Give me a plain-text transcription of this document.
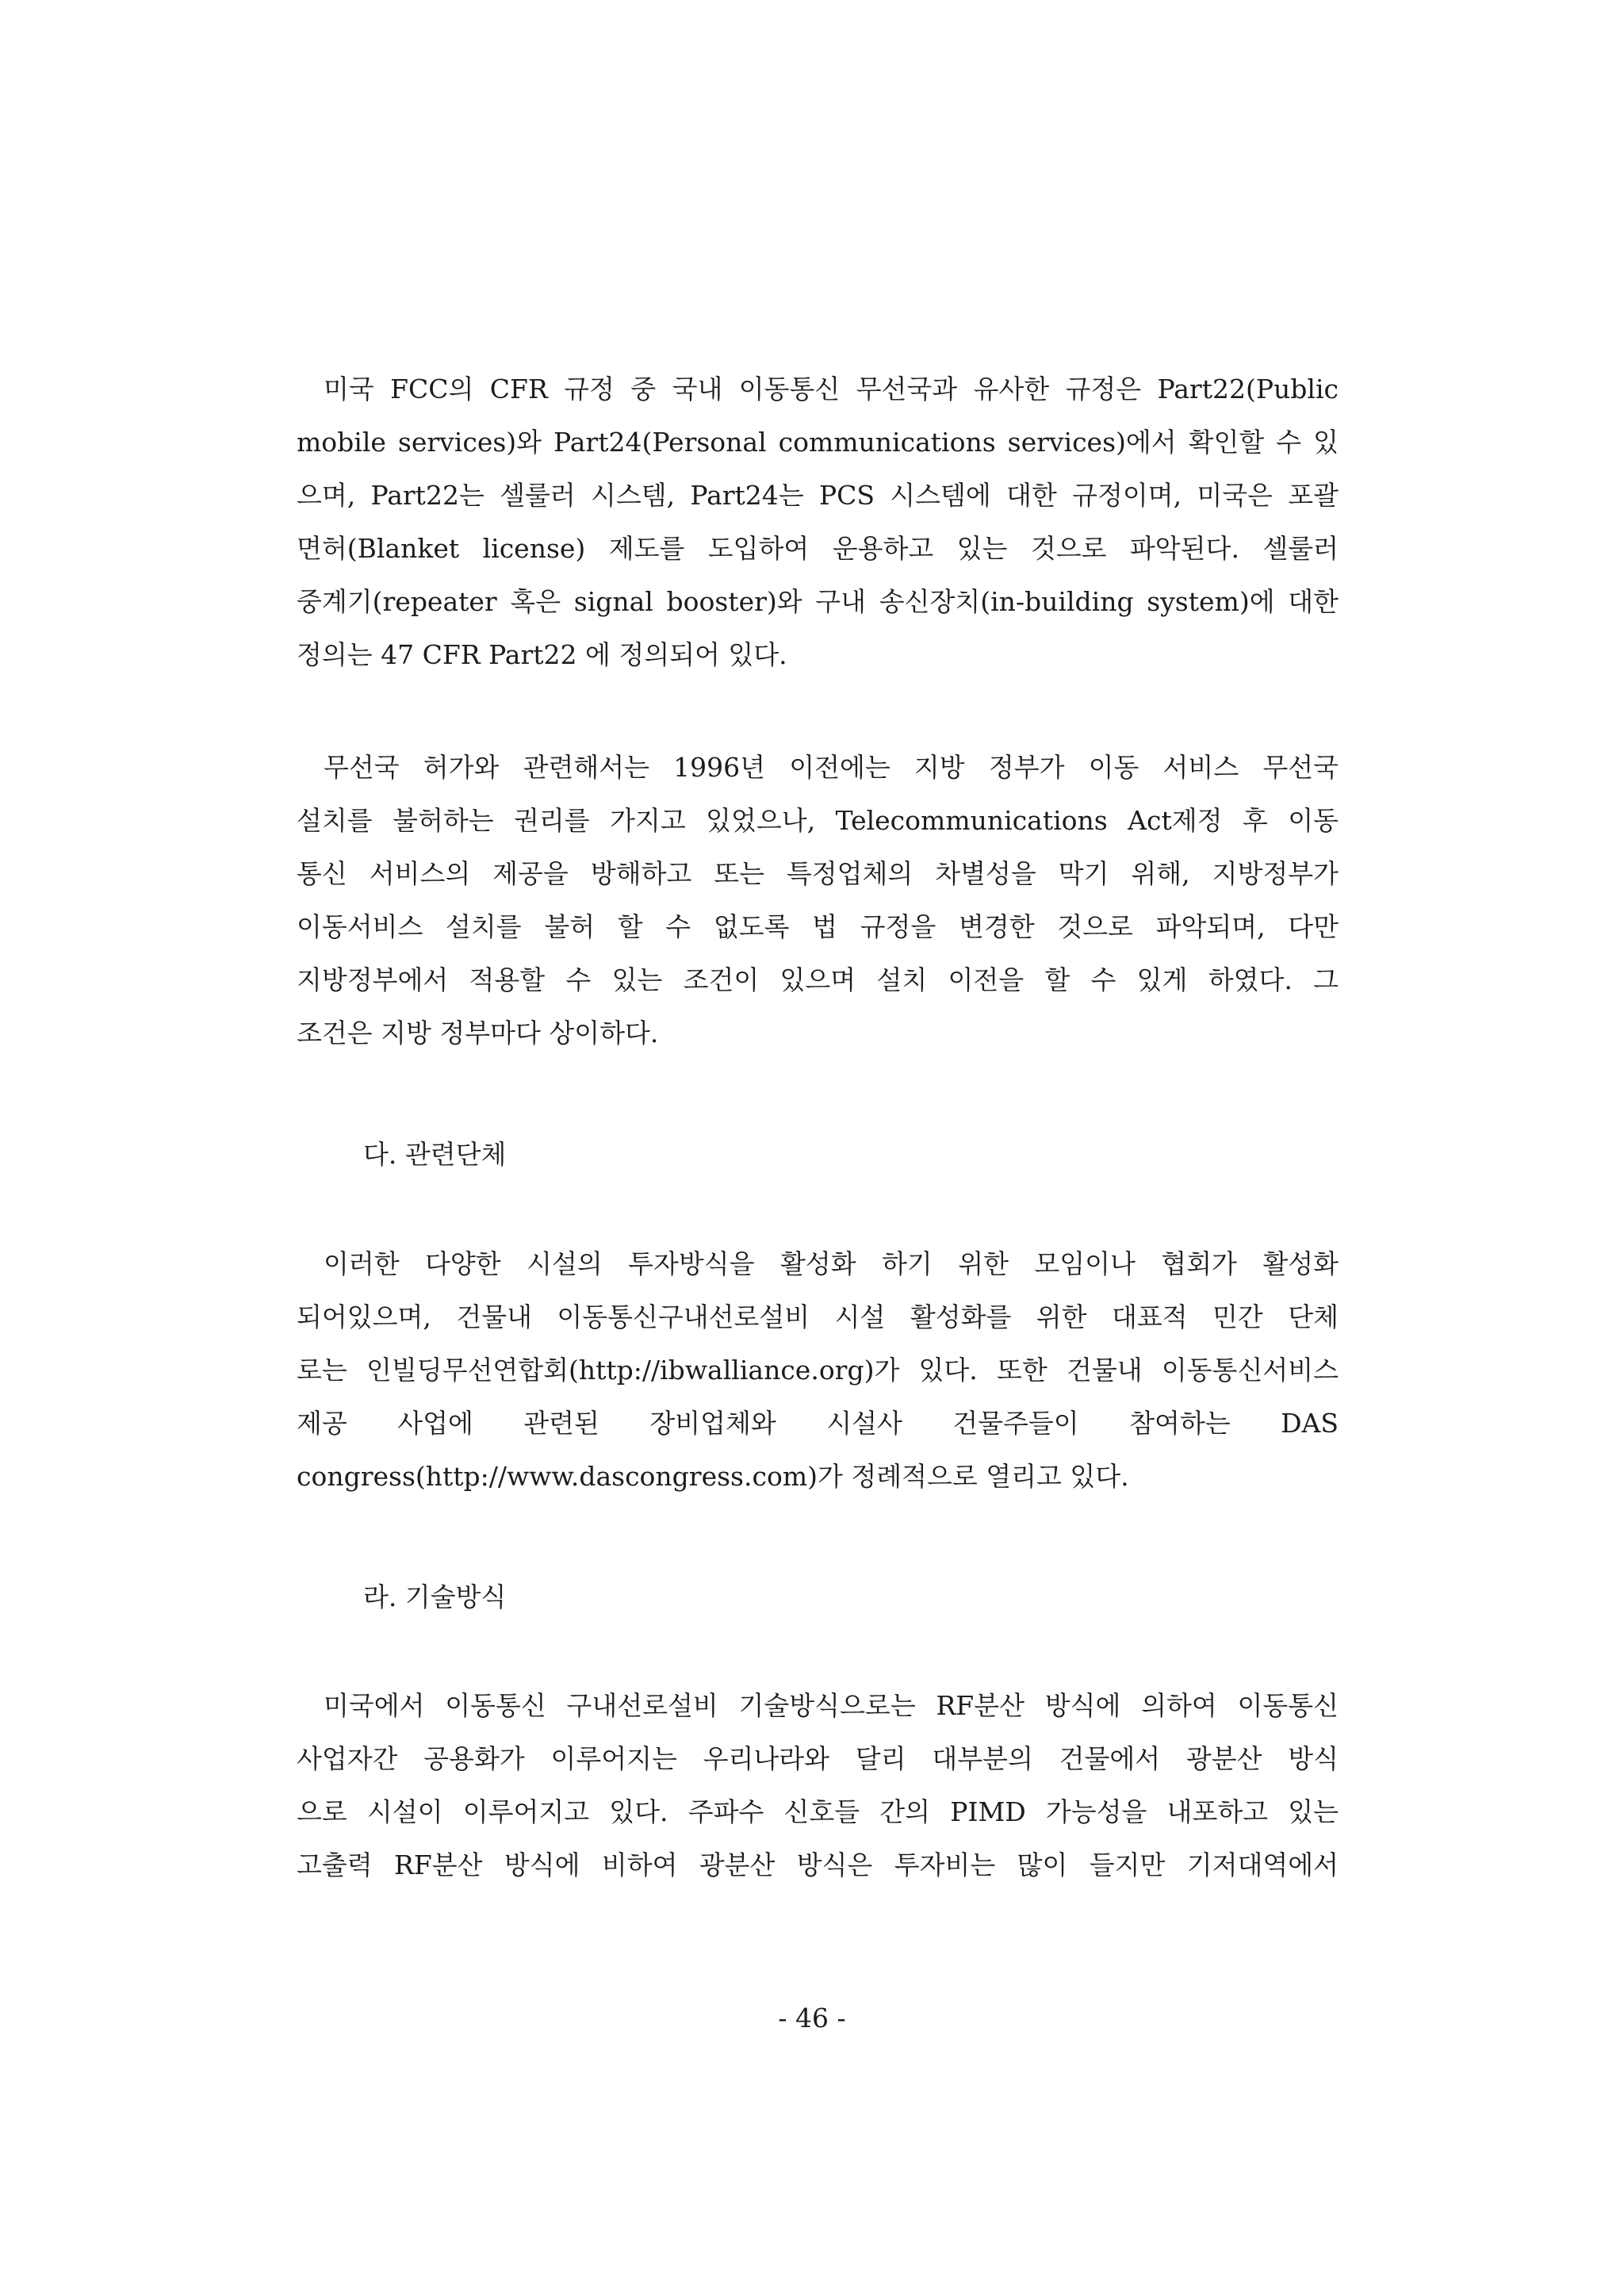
미국 FCC의 CFR 규정 중 국내 이동통신 무선국과 유사한 규정은 Part22(Public
mobile services)와 Part24(Personal communications services)에서 확인할 수 있
으며, Part22는 셀룰러 시스템, Part24는 PCS 시스템에 대한 규정이며, 미국은 포괄
면허(Blanket license) 제도를 도입하여 운용하고 있는 것으로 파악된다. 셀룰러
중계기(repeater 혹은 signal booster)와 구내 송신장치(in-building system)에 대한
정의는 47 CFR Part22 에 정의되어 있다.
무선국 허가와 관련해서는 1996년 이전에는 지방 정부가 이동 서비스 무선국
설치를 불허하는 권리를 가지고 있었으나, Telecommunications Act제정 후 이동
통신 서비스의 제공을 방해하고 또는 특정업체의 차별성을 막기 위해, 지방정부가
이동서비스 설치를 불허 할 수 없도록 법 규정을 변경한 것으로 파악되며, 다만
지방정부에서 적용할 수 있는 조건이 있으며 설치 이전을 할 수 있게 하였다. 그
조건은 지방 정부마다 상이하다.
다. 관련단체
이러한 다양한 시설의 투자방식을 활성화 하기 위한 모임이나 협회가 활성화
되어있으며, 건물내 이동통신구내선로설비 시설 활성화를 위한 대표적 민간 단체
로는 인빌딩무선연합회(http://ibwalliance.org)가 있다. 또한 건물내 이동통신서비스
제공 사업에 관련된 장비업체와 시설사 건물주들이 참여하는 DAS
congress(http://www.dascongress.com)가 정례적으로 열리고 있다.
라. 기술방식
미국에서 이동통신 구내선로설비 기술방식으로는 RF분산 방식에 의하여 이동통신
사업자간 공용화가 이루어지는 우리나라와 달리 대부분의 건물에서 광분산 방식
으로 시설이 이루어지고 있다. 주파수 신호들 간의 PIMD 가능성을 내포하고 있는
고출력 RF분산 방식에 비하여 광분산 방식은 투자비는 많이 들지만 기저대역에서

- 46 -
